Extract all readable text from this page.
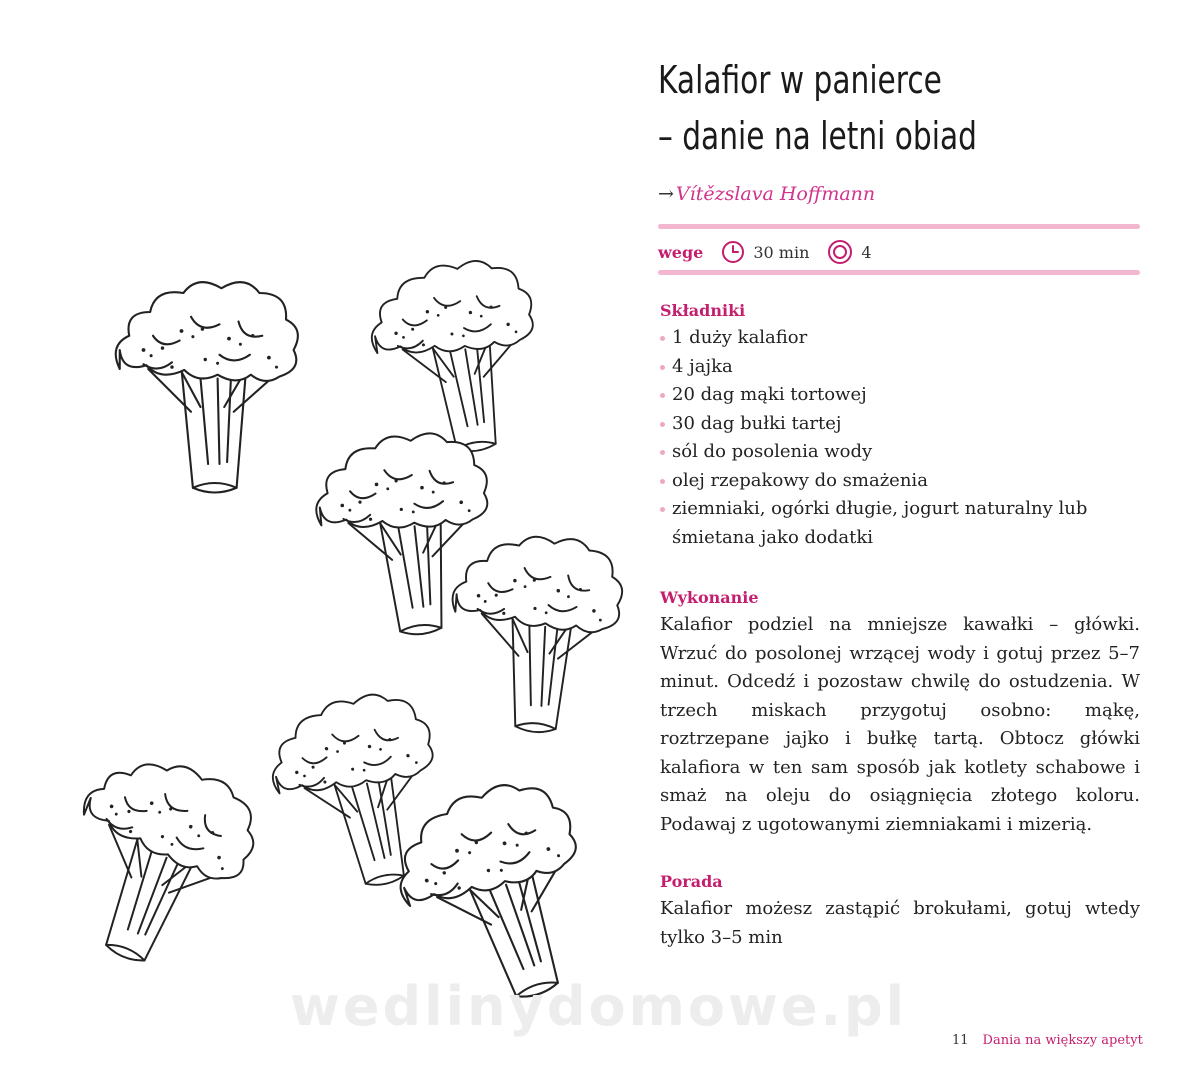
wedlinydomowe.pl
Kalafior w panierce
– danie na letni obiad
→ Vítězslava Hoffmann
wege	30 min	4
Składniki
1 duży kalafior
4 jajka
20 dag mąki tortowej
30 dag bułki tartej
sól do posolenia wody
olej rzepakowy do smażenia
ziemniaki, ogórki długie, jogurt naturalny lub śmietana jako dodatki
Wykonanie

Kalafior podziel na mniejsze kawałki – główki. Wrzuć do posolonej wrzącej wody i gotuj przez 5–7 minut. Odcedź i pozostaw chwilę do ostudzenia. W trzech miskach przygotuj osobno: mąkę, roztrzepane jajko i bułkę tartą. Obtocz główki kalafiora w ten sam sposób jak kotlety schabowe i smaż na oleju do osiągnięcia złotego koloru. Podawaj z ugotowanymi ziemniakami i mizerią.

Porada

Kalafior możesz zastąpić brokułami, gotuj wtedy tylko 3–5 min

11 Dania na większy apetyt
